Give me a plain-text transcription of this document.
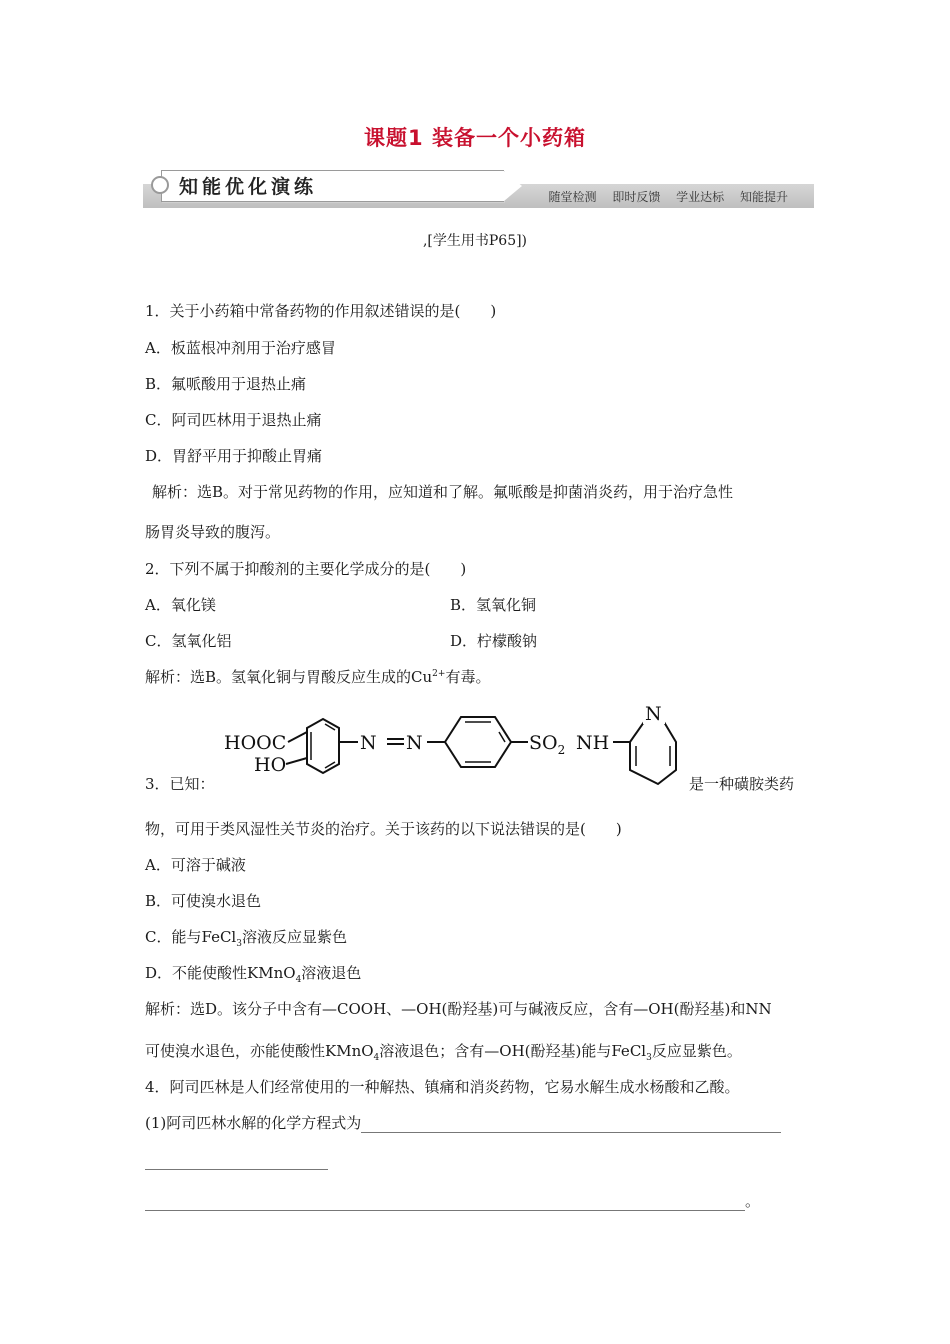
课题1 装备一个小药箱
知能优化演练	随堂检测 即时反馈 学业达标 知能提升
,[学生用书P65])
1．关于小药箱中常备药物的作用叙述错误的是(　　)
A．板蓝根冲剂用于治疗感冒
B．氟哌酸用于退热止痛
C．阿司匹林用于退热止痛
D．胃舒平用于抑酸止胃痛
解析：选B。对于常见药物的作用，应知道和了解。氟哌酸是抑菌消炎药，用于治疗急性
肠胃炎导致的腹泻。
2．下列不属于抑酸剂的主要化学成分的是(　　)
A．氧化镁	B．氢氧化铜
C．氢氧化铝	D．柠檬酸钠
解析：选B。氢氧化铜与胃酸反应生成的$Cu^{2+}$有毒。
3．已知：
HOOC
HO
N N	$SO_2$ NH
N
是一种磺胺类药
物，可用于类风湿性关节炎的治疗。关于该药的以下说法错误的是(　　)
A．可溶于碱液
B．可使溴水退色
C．能与FeCl$_3$溶液反应显紫色
D．不能使酸性KMnO$_4$溶液退色
解析：选D。该分子中含有—COOH、—OH(酚羟基)可与碱液反应，含有—OH(酚羟基)和NN
可使溴水退色，亦能使酸性KMnO$_4$溶液退色；含有—OH(酚羟基)能与FeCl$_3$反应显紫色。
4．阿司匹林是人们经常使用的一种解热、镇痛和消炎药物，它易水解生成水杨酸和乙酸。
(1)阿司匹林水解的化学方程式为
。
